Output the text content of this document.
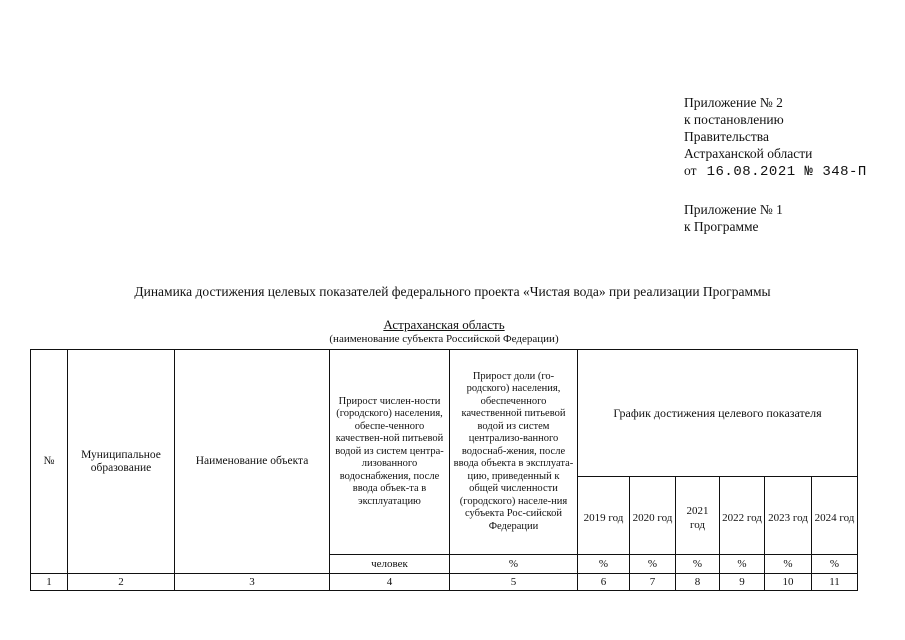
Приложение № 2
к постановлению
Правительства
Астраханской области
от 16.08.2021 № 348-П
Приложение № 1
к Программе
Динамика достижения целевых показателей федерального проекта «Чистая вода» при реализации Программы
Астраханская область
(наименование субъекта Российской Федерации)
№	Муниципальное образование	Наименование объекта	Прирост числен-ности (городского) населения, обеспе-ченного качествен-ной питьевой водой из систем центра-лизованного водоснабжения, после ввода объек-та в эксплуатацию	Прирост доли (го-родского) населения, обеспеченного качественной питьевой водой из систем централизо-ванного водоснаб-жения, после ввода объекта в эксплуата-цию, приведенный к общей численности (городского) населе-ния субъекта Рос-сийской Федерации	График достижения целевого показателя					
					2019 год	2020 год	2021 год	2022 год	2023 год	2024 год
			человек	%	%	%	%	%	%	%
1	2	3	4	5	6	7	8	9	10	11
